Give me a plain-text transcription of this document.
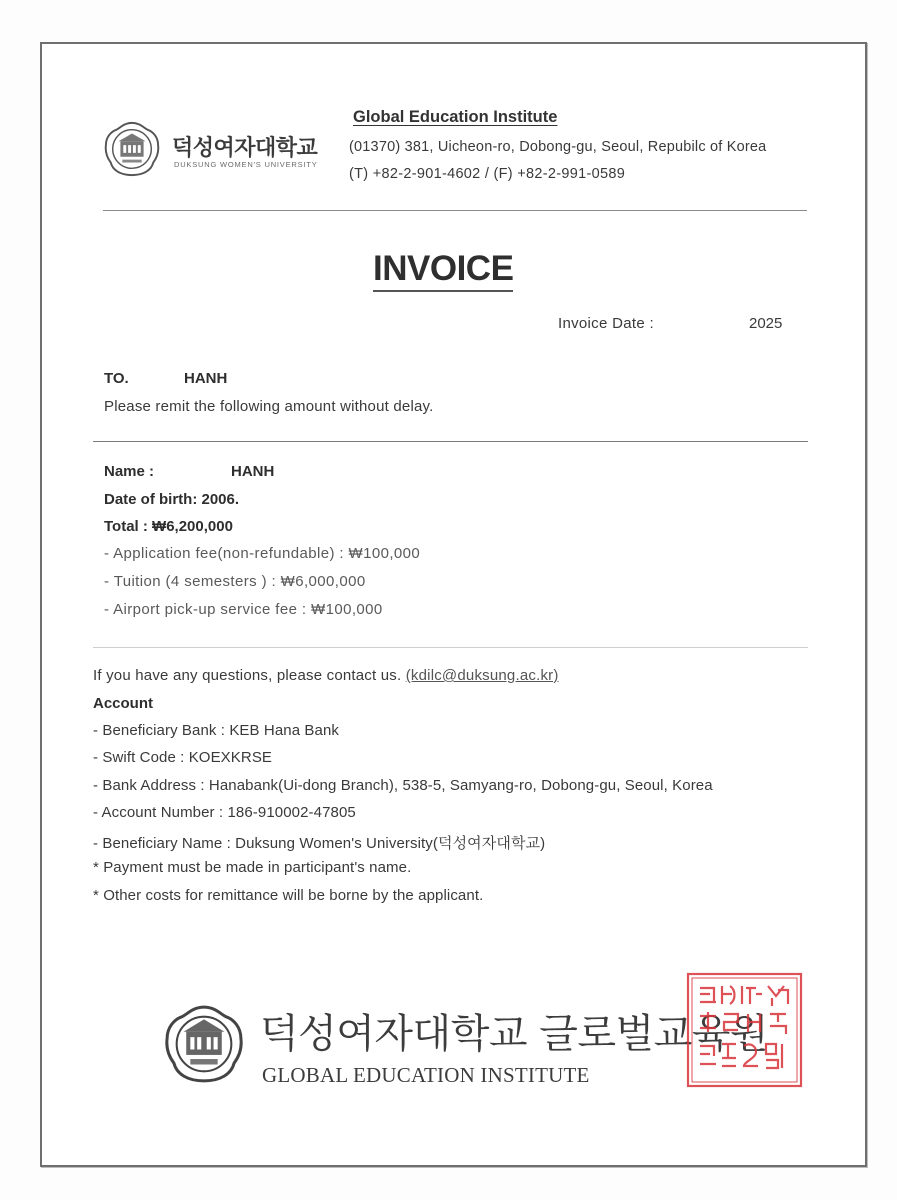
덕성여자대학교
DUKSUNG WOMEN'S UNIVERSITY
Global Education Institute
(01370) 381, Uicheon-ro, Dobong-gu, Seoul, Repubilc of Korea
(T) +82-2-901-4602 / (F) +82-2-991-0589
INVOICE
Invoice Date :	2025
TO.	HANH
Please remit the following amount without delay.
Name :	HANH
Date of birth: 2006.
Total : ₩6,200,000
- Application fee(non-refundable) : ₩100,000
- Tuition (4 semesters ) : ₩6,000,000
- Airport pick-up service fee : ₩100,000
If you have any questions, please contact us. (kdilc@duksung.ac.kr)
Account
- Beneficiary Bank : KEB Hana Bank
- Swift Code : KOEXKRSE
- Bank Address : Hanabank(Ui-dong Branch), 538-5, Samyang-ro, Dobong-gu, Seoul, Korea
- Account Number : 186-910002-47805
- Beneficiary Name : Duksung Women's University(덕성여자대학교)
* Payment must be made in participant's name.
* Other costs for remittance will be borne by the applicant.
덕성여자대학교 글로벌교육원
GLOBAL EDUCATION INSTITUTE
